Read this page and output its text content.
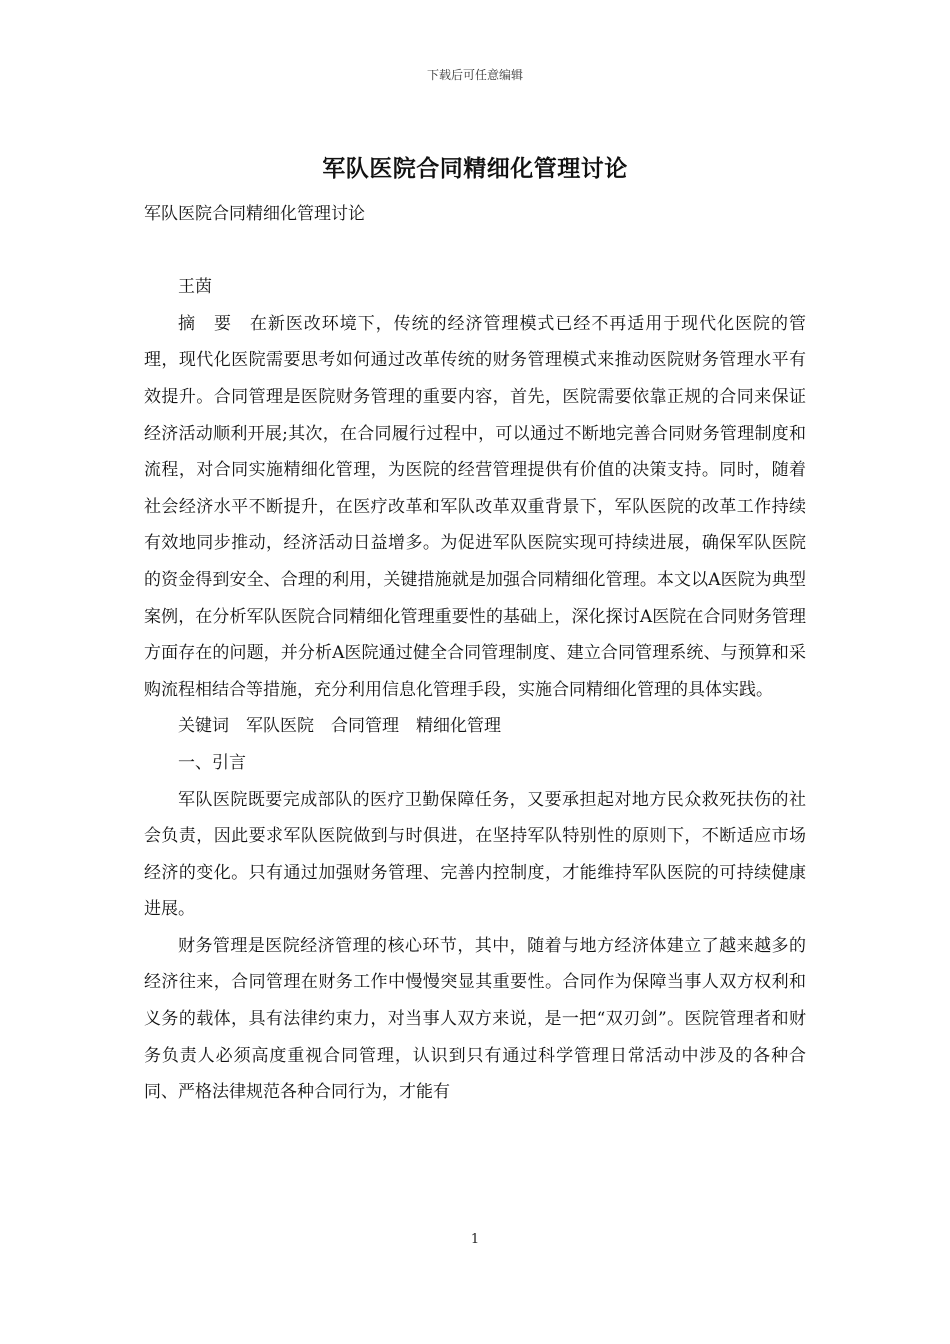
下载后可任意编辑
军队医院合同精细化管理讨论

军队医院合同精细化管理讨论

王茵

摘　要　在新医改环境下，传统的经济管理模式已经不再适用于现代化医院的管理，现代化医院需要思考如何通过改革传统的财务管理模式来推动医院财务管理水平有效提升。合同管理是医院财务管理的重要内容，首先，医院需要依靠正规的合同来保证经济活动顺利开展;其次，在合同履行过程中，可以通过不断地完善合同财务管理制度和流程，对合同实施精细化管理，为医院的经营管理提供有价值的决策支持。同时，随着社会经济水平不断提升，在医疗改革和军队改革双重背景下，军队医院的改革工作持续有效地同步推动，经济活动日益增多。为促进军队医院实现可持续进展，确保军队医院的资金得到安全、合理的利用，关键措施就是加强合同精细化管理。本文以A医院为典型案例，在分析军队医院合同精细化管理重要性的基础上，深化探讨A医院在合同财务管理方面存在的问题，并分析A医院通过健全合同管理制度、建立合同管理系统、与预算和采购流程相结合等措施，充分利用信息化管理手段，实施合同精细化管理的具体实践。

关键词　军队医院　合同管理　精细化管理

一、引言

军队医院既要完成部队的医疗卫勤保障任务，又要承担起对地方民众救死扶伤的社会负责，因此要求军队医院做到与时俱进，在坚持军队特别性的原则下，不断适应市场经济的变化。只有通过加强财务管理、完善内控制度，才能维持军队医院的可持续健康进展。

财务管理是医院经济管理的核心环节，其中，随着与地方经济体建立了越来越多的经济往来，合同管理在财务工作中慢慢突显其重要性。合同作为保障当事人双方权利和义务的载体，具有法律约束力，对当事人双方来说，是一把“双刃剑”。医院管理者和财务负责人必须高度重视合同管理，认识到只有通过科学管理日常活动中涉及的各种合同、严格法律规范各种合同行为，才能有

1
